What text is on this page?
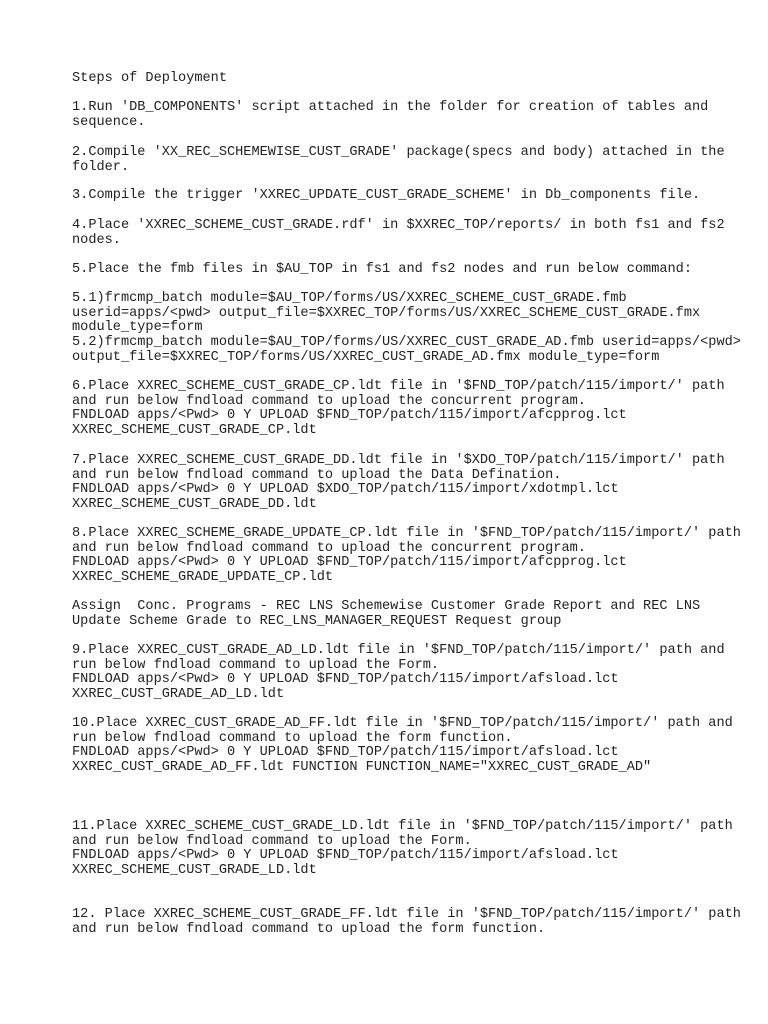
Steps of Deployment
1.Run 'DB_COMPONENTS' script attached in the folder for creation of tables and
sequence.
2.Compile 'XX_REC_SCHEMEWISE_CUST_GRADE' package(specs and body) attached in the
folder.
3.Compile the trigger 'XXREC_UPDATE_CUST_GRADE_SCHEME' in Db_components file.
4.Place 'XXREC_SCHEME_CUST_GRADE.rdf' in $XXREC_TOP/reports/ in both fs1 and fs2
nodes.
5.Place the fmb files in $AU_TOP in fs1 and fs2 nodes and run below command:
5.1)frmcmp_batch module=$AU_TOP/forms/US/XXREC_SCHEME_CUST_GRADE.fmb
userid=apps/<pwd> output_file=$XXREC_TOP/forms/US/XXREC_SCHEME_CUST_GRADE.fmx
module_type=form
5.2)frmcmp_batch module=$AU_TOP/forms/US/XXREC_CUST_GRADE_AD.fmb userid=apps/<pwd>
output_file=$XXREC_TOP/forms/US/XXREC_CUST_GRADE_AD.fmx module_type=form
6.Place XXREC_SCHEME_CUST_GRADE_CP.ldt file in '$FND_TOP/patch/115/import/' path
and run below fndload command to upload the concurrent program.
FNDLOAD apps/<Pwd> 0 Y UPLOAD $FND_TOP/patch/115/import/afcpprog.lct
XXREC_SCHEME_CUST_GRADE_CP.ldt
7.Place XXREC_SCHEME_CUST_GRADE_DD.ldt file in '$XDO_TOP/patch/115/import/' path
and run below fndload command to upload the Data Defination.
FNDLOAD apps/<Pwd> 0 Y UPLOAD $XDO_TOP/patch/115/import/xdotmpl.lct
XXREC_SCHEME_CUST_GRADE_DD.ldt
8.Place XXREC_SCHEME_GRADE_UPDATE_CP.ldt file in '$FND_TOP/patch/115/import/' path
and run below fndload command to upload the concurrent program.
FNDLOAD apps/<Pwd> 0 Y UPLOAD $FND_TOP/patch/115/import/afcpprog.lct
XXREC_SCHEME_GRADE_UPDATE_CP.ldt
Assign  Conc. Programs - REC LNS Schemewise Customer Grade Report and REC LNS
Update Scheme Grade to REC_LNS_MANAGER_REQUEST Request group
9.Place XXREC_CUST_GRADE_AD_LD.ldt file in '$FND_TOP/patch/115/import/' path and
run below fndload command to upload the Form.
FNDLOAD apps/<Pwd> 0 Y UPLOAD $FND_TOP/patch/115/import/afsload.lct
XXREC_CUST_GRADE_AD_LD.ldt
10.Place XXREC_CUST_GRADE_AD_FF.ldt file in '$FND_TOP/patch/115/import/' path and
run below fndload command to upload the form function.
FNDLOAD apps/<Pwd> 0 Y UPLOAD $FND_TOP/patch/115/import/afsload.lct
XXREC_CUST_GRADE_AD_FF.ldt FUNCTION FUNCTION_NAME="XXREC_CUST_GRADE_AD"
11.Place XXREC_SCHEME_CUST_GRADE_LD.ldt file in '$FND_TOP/patch/115/import/' path
and run below fndload command to upload the Form.
FNDLOAD apps/<Pwd> 0 Y UPLOAD $FND_TOP/patch/115/import/afsload.lct
XXREC_SCHEME_CUST_GRADE_LD.ldt
12. Place XXREC_SCHEME_CUST_GRADE_FF.ldt file in '$FND_TOP/patch/115/import/' path
and run below fndload command to upload the form function.
